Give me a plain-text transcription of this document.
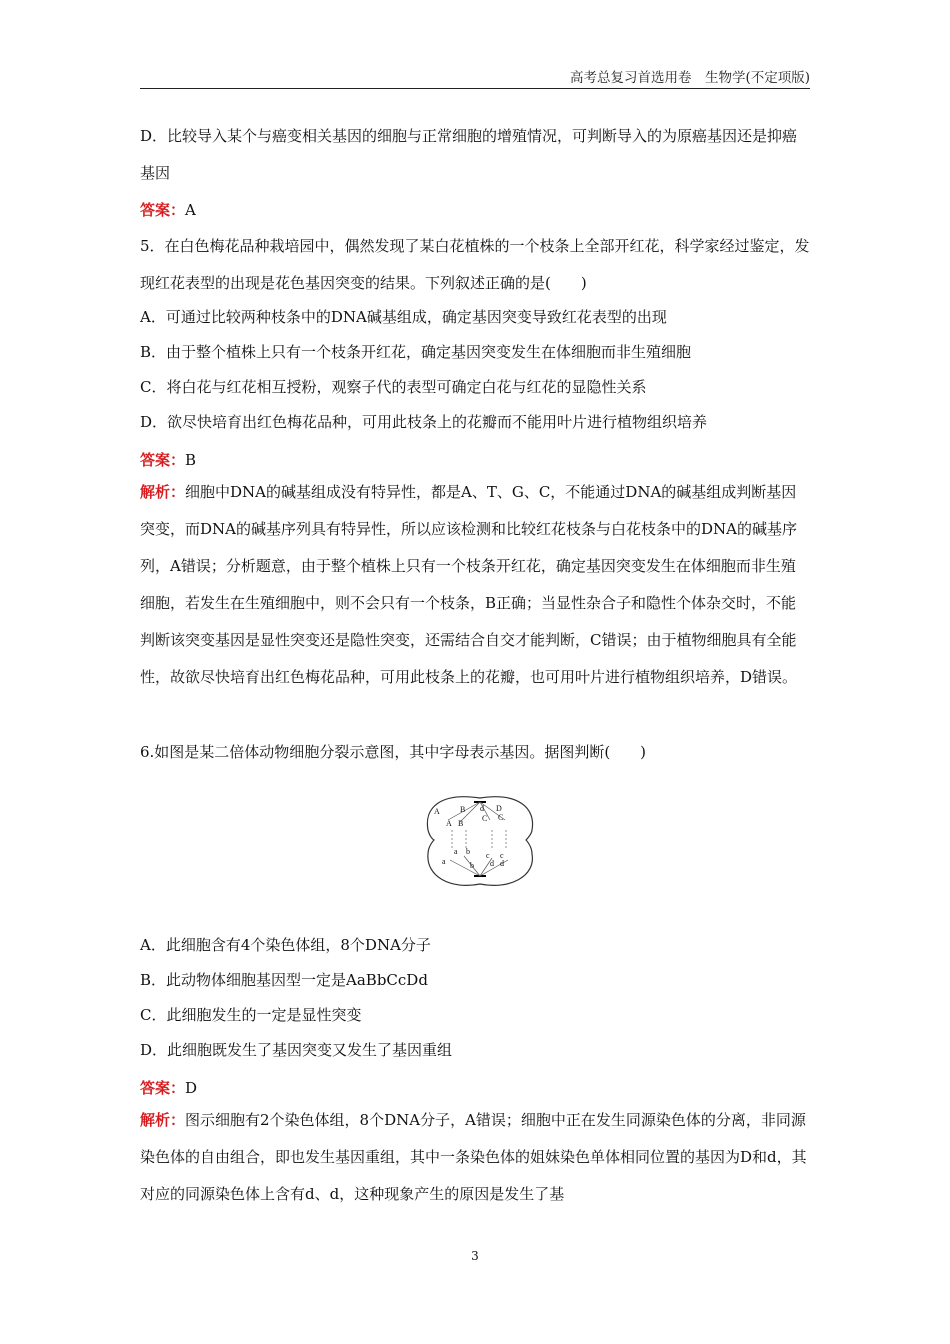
高考总复习首选用卷　生物学(不定项版)

D．比较导入某个与癌变相关基因的细胞与正常细胞的增殖情况，可判断导入的为原癌基因还是抑癌基因

答案：A

5．在白色梅花品种栽培园中，偶然发现了某白花植株的一个枝条上全部开红花，科学家经过鉴定，发现红花表型的出现是花色基因突变的结果。下列叙述正确的是(　　)

A．可通过比较两种枝条中的DNA碱基组成，确定基因突变导致红花表型的出现

B．由于整个植株上只有一个枝条开红花，确定基因突变发生在体细胞而非生殖细胞

C．将白花与红花相互授粉，观察子代的表型可确定白花与红花的显隐性关系

D．欲尽快培育出红色梅花品种，可用此枝条上的花瓣而不能用叶片进行植物组织培养

答案：B

解析：细胞中DNA的碱基组成没有特异性，都是A、T、G、C，不能通过DNA的碱基组成判断基因突变，而DNA的碱基序列具有特异性，所以应该检测和比较红花枝条与白花枝条中的DNA的碱基序列，A错误；分析题意，由于整个植株上只有一个枝条开红花，确定基因突变发生在体细胞而非生殖细胞，若发生在生殖细胞中，则不会只有一个枝条，B正确；当显性杂合子和隐性个体杂交时，不能判断该突变基因是显性突变还是隐性突变，还需结合自交才能判断，C错误；由于植物细胞具有全能性，故欲尽快培育出红色梅花品种，可用此枝条上的花瓣，也可用叶片进行植物组织培养，D错误。

6.如图是某二倍体动物细胞分裂示意图，其中字母表示基因。据图判断(　　)

A	B d D
A B
C C
a b c c
a	b d d

A．此细胞含有4个染色体组，8个DNA分子

B．此动物体细胞基因型一定是AaBbCcDd

C．此细胞发生的一定是显性突变

D．此细胞既发生了基因突变又发生了基因重组

答案：D

解析：图示细胞有2个染色体组，8个DNA分子，A错误；细胞中正在发生同源染色体的分离，非同源染色体的自由组合，即也发生基因重组，其中一条染色体的姐妹染色单体相同位置的基因为D和d，其对应的同源染色体上含有d、d，这种现象产生的原因是发生了基

3
